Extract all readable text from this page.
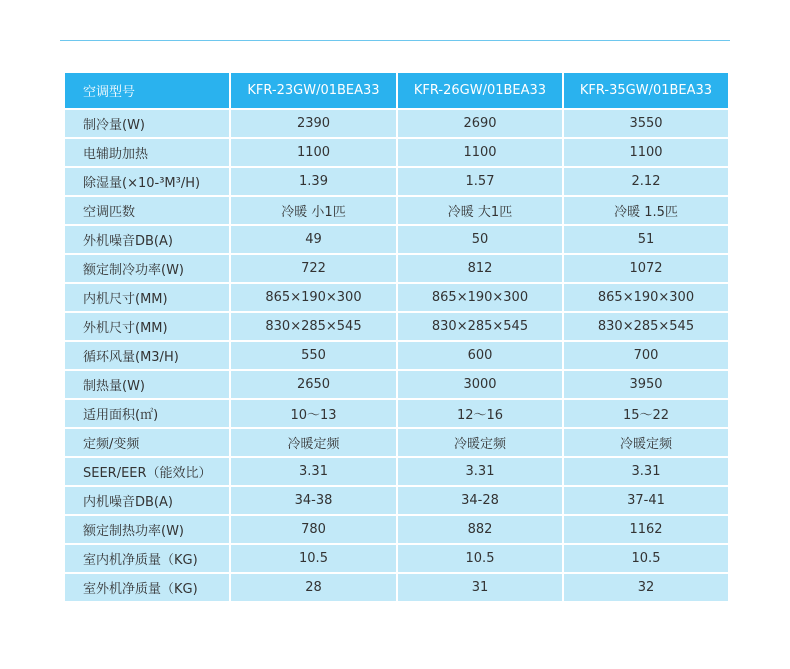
空调型号	KFR-23GW/01BEA33	KFR-26GW/01BEA33	KFR-35GW/01BEA33
制冷量(W)	2390	2690	3550
电辅助加热	1100	1100	1100
除湿量(×10-³M³/H)	1.39	1.57	2.12
空调匹数	冷暖 小1匹	冷暖 大1匹	冷暖 1.5匹
外机噪音DB(A)	49	50	51
额定制冷功率(W)	722	812	1072
内机尺寸(MM)	865×190×300	865×190×300	865×190×300
外机尺寸(MM)	830×285×545	830×285×545	830×285×545
循环风量(M3/H)	550	600	700
制热量(W)	2650	3000	3950
适用面积(㎡)	10～13	12～16	15～22
定频/变频	冷暖定频	冷暖定频	冷暖定频
SEER/EER（能效比）	3.31	3.31	3.31
内机噪音DB(A)	34-38	34-28	37-41
额定制热功率(W)	780	882	1162
室内机净质量（KG)	10.5	10.5	10.5
室外机净质量（KG)	28	31	32
